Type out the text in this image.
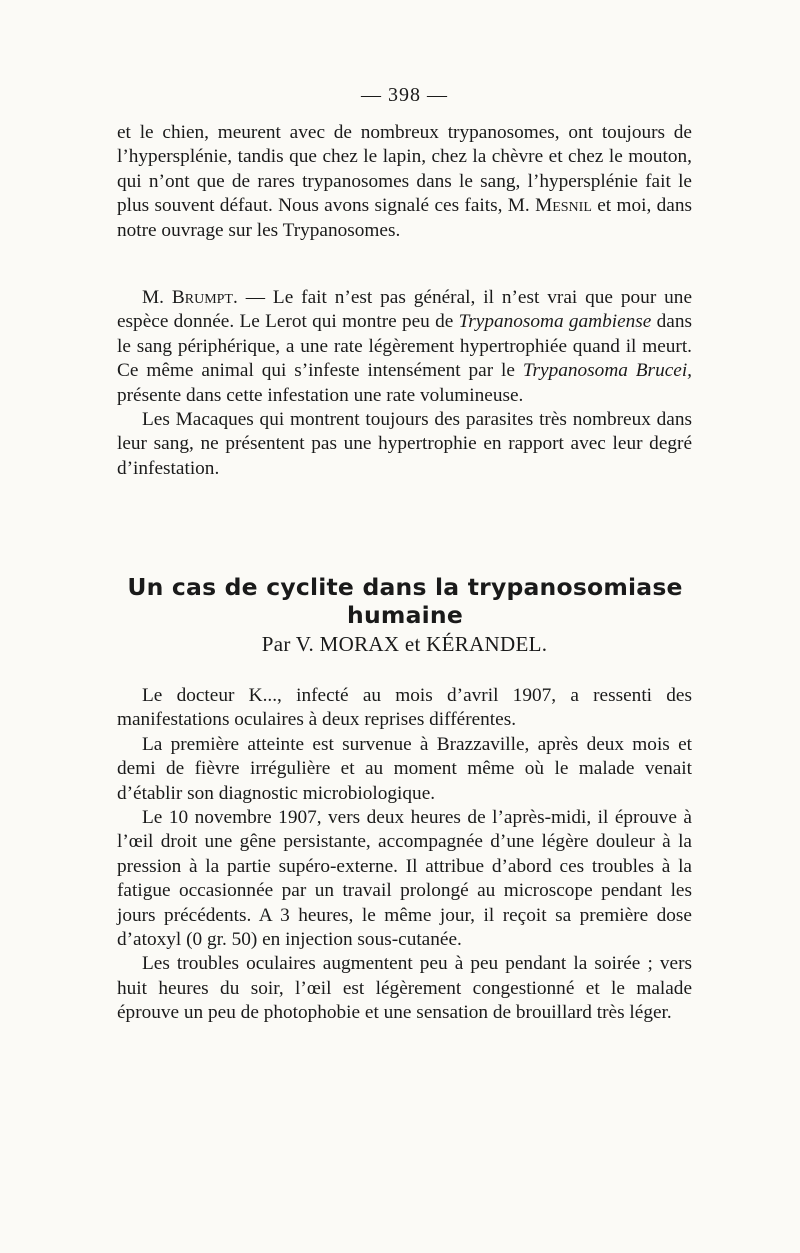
— 398 —

et le chien, meurent avec de nombreux trypanosomes, ont toujours de l’hypersplénie, tandis que chez le lapin, chez la chèvre et chez le mouton, qui n’ont que de rares trypanosomes dans le sang, l’hypersplénie fait le plus souvent défaut. Nous avons signalé ces faits, M. Mesnil et moi, dans notre ouvrage sur les Trypanosomes.

M. Brumpt. — Le fait n’est pas général, il n’est vrai que pour une espèce donnée. Le Lerot qui montre peu de Trypanosoma gambiense dans le sang périphérique, a une rate légèrement hypertrophiée quand il meurt. Ce même animal qui s’infeste intensément par le Trypanosoma Brucei, présente dans cette infestation une rate volumineuse.

Les Macaques qui montrent toujours des parasites très nombreux dans leur sang, ne présentent pas une hypertrophie en rapport avec leur degré d’infestation.

Un cas de cyclite dans la trypanosomiase humaine
Par V. MORAX et KÉRANDEL.

Le docteur K..., infecté au mois d’avril 1907, a ressenti des manifestations oculaires à deux reprises différentes.

La première atteinte est survenue à Brazzaville, après deux mois et demi de fièvre irrégulière et au moment même où le malade venait d’établir son diagnostic microbiologique.

Le 10 novembre 1907, vers deux heures de l’après-midi, il éprouve à l’œil droit une gêne persistante, accompagnée d’une légère douleur à la pression à la partie supéro-externe. Il attribue d’abord ces troubles à la fatigue occasionnée par un travail prolongé au microscope pendant les jours précédents. A 3 heures, le même jour, il reçoit sa première dose d’atoxyl (0 gr. 50) en injection sous-cutanée.

Les troubles oculaires augmentent peu à peu pendant la soirée ; vers huit heures du soir, l’œil est légèrement congestionné et le malade éprouve un peu de photophobie et une sensation de brouillard très léger.
